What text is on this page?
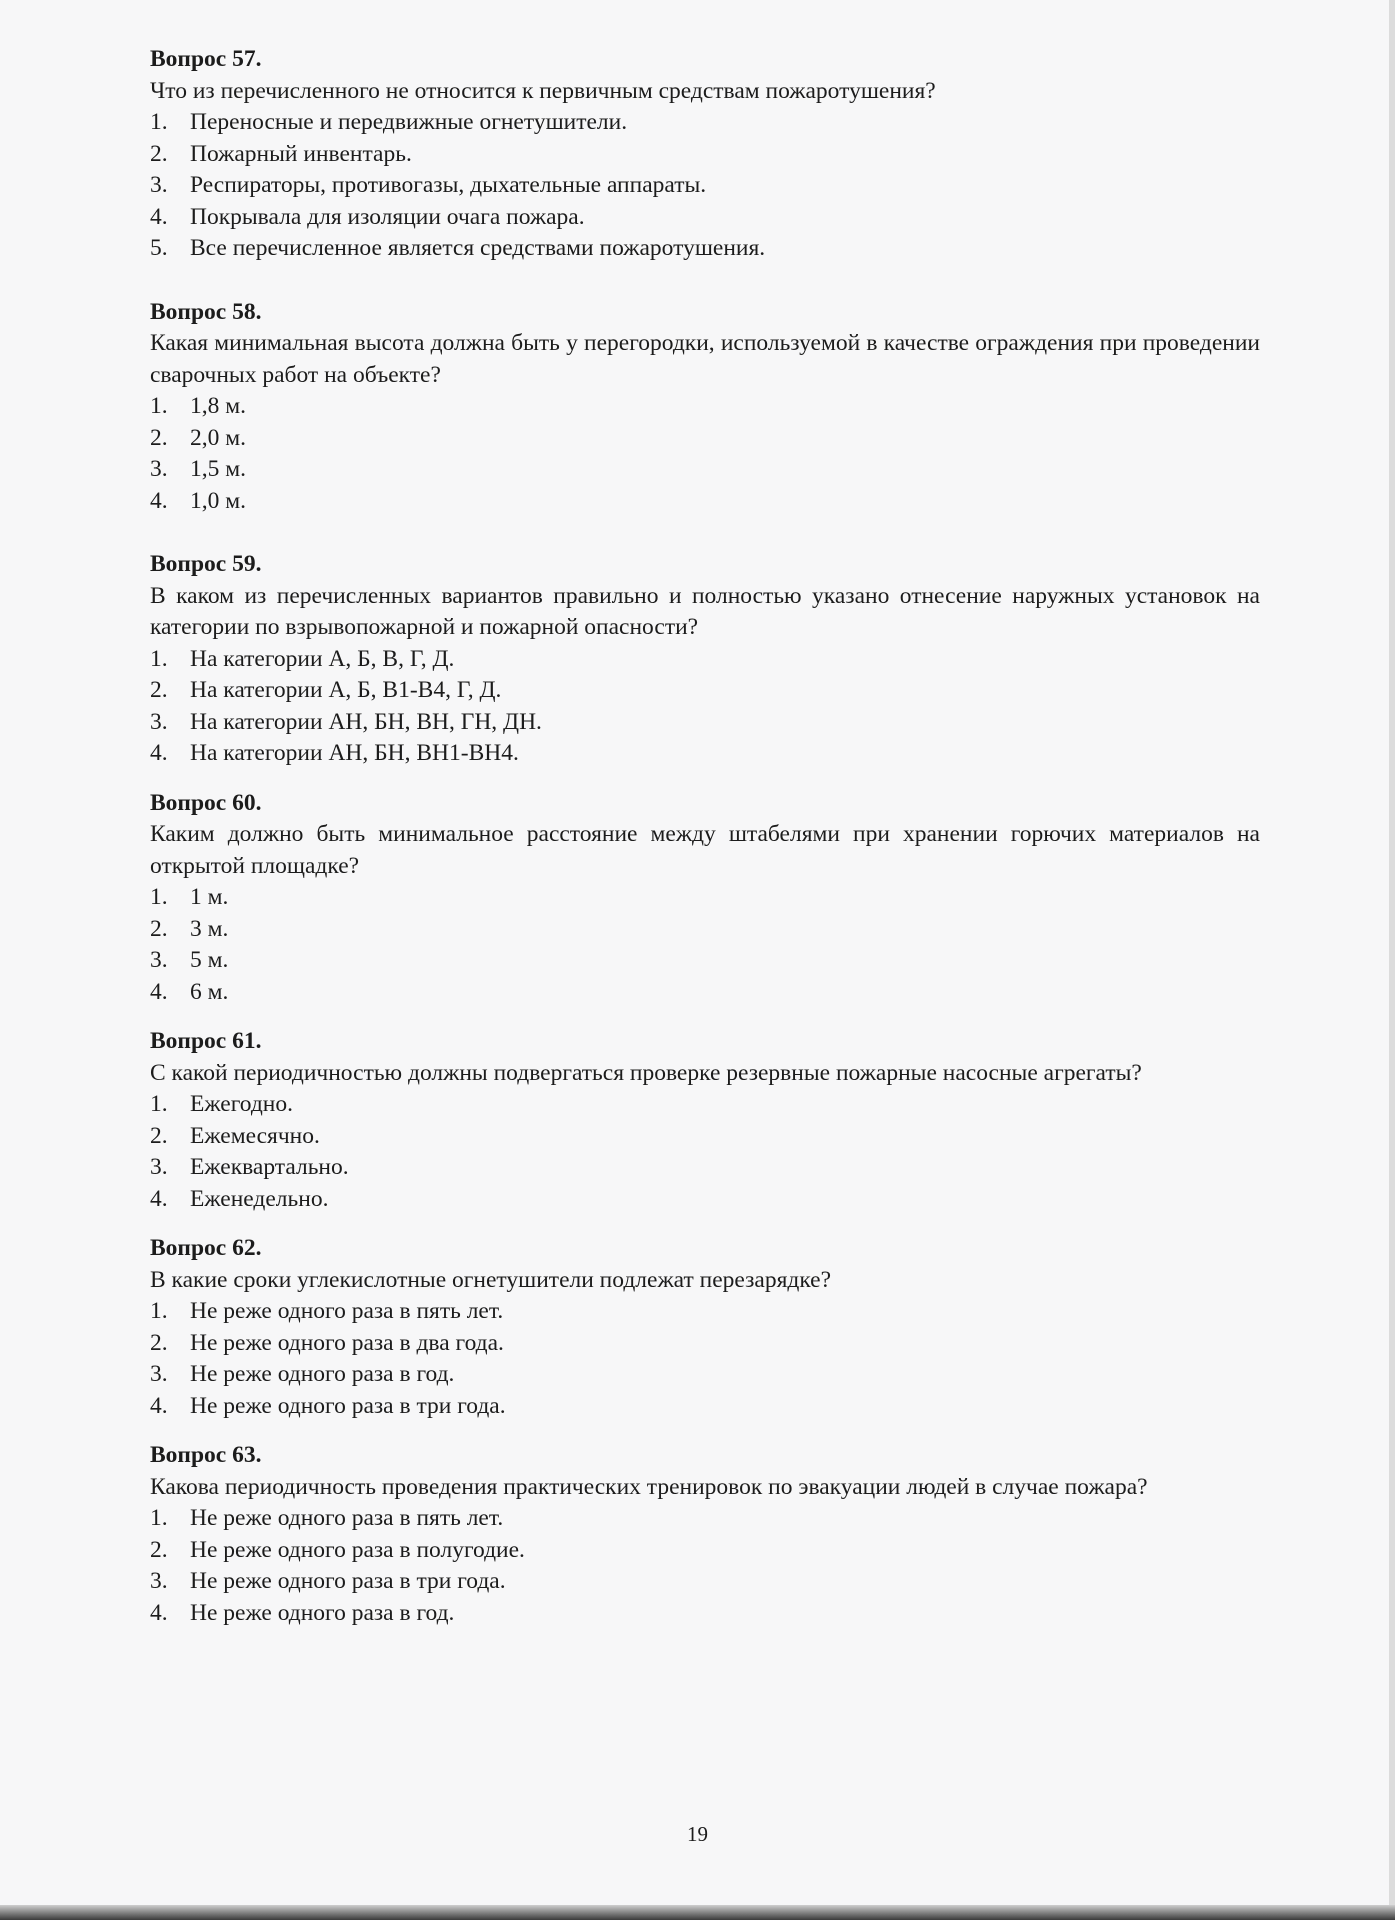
Вопрос 57.
Что из перечисленного не относится к первичным средствам пожаротушения?
1. Переносные и передвижные огнетушители.
2. Пожарный инвентарь.
3. Респираторы, противогазы, дыхательные аппараты.
4. Покрывала для изоляции очага пожара.
5. Все перечисленное является средствами пожаротушения.
Вопрос 58.
Какая минимальная высота должна быть у перегородки, используемой в качестве ограждения при проведении сварочных работ на объекте?
1. 1,8 м.
2. 2,0 м.
3. 1,5 м.
4. 1,0 м.
Вопрос 59.
В каком из перечисленных вариантов правильно и полностью указано отнесение наружных установок на категории по взрывопожарной и пожарной опасности?
1. На категории А, Б, В, Г, Д.
2. На категории А, Б, В1-В4, Г, Д.
3. На категории АН, БН, ВН, ГН, ДН.
4. На категории АН, БН, ВН1-ВН4.
Вопрос 60.
Каким должно быть минимальное расстояние между штабелями при хранении горючих материалов на открытой площадке?
1. 1 м.
2. 3 м.
3. 5 м.
4. 6 м.
Вопрос 61.
С какой периодичностью должны подвергаться проверке резервные пожарные насосные агрегаты?
1. Ежегодно.
2. Ежемесячно.
3. Ежеквартально.
4. Еженедельно.
Вопрос 62.
В какие сроки углекислотные огнетушители подлежат перезарядке?
1. Не реже одного раза в пять лет.
2. Не реже одного раза в два года.
3. Не реже одного раза в год.
4. Не реже одного раза в три года.
Вопрос 63.
Какова периодичность проведения практических тренировок по эвакуации людей в случае пожара?
1. Не реже одного раза в пять лет.
2. Не реже одного раза в полугодие.
3. Не реже одного раза в три года.
4. Не реже одного раза в год.
19
